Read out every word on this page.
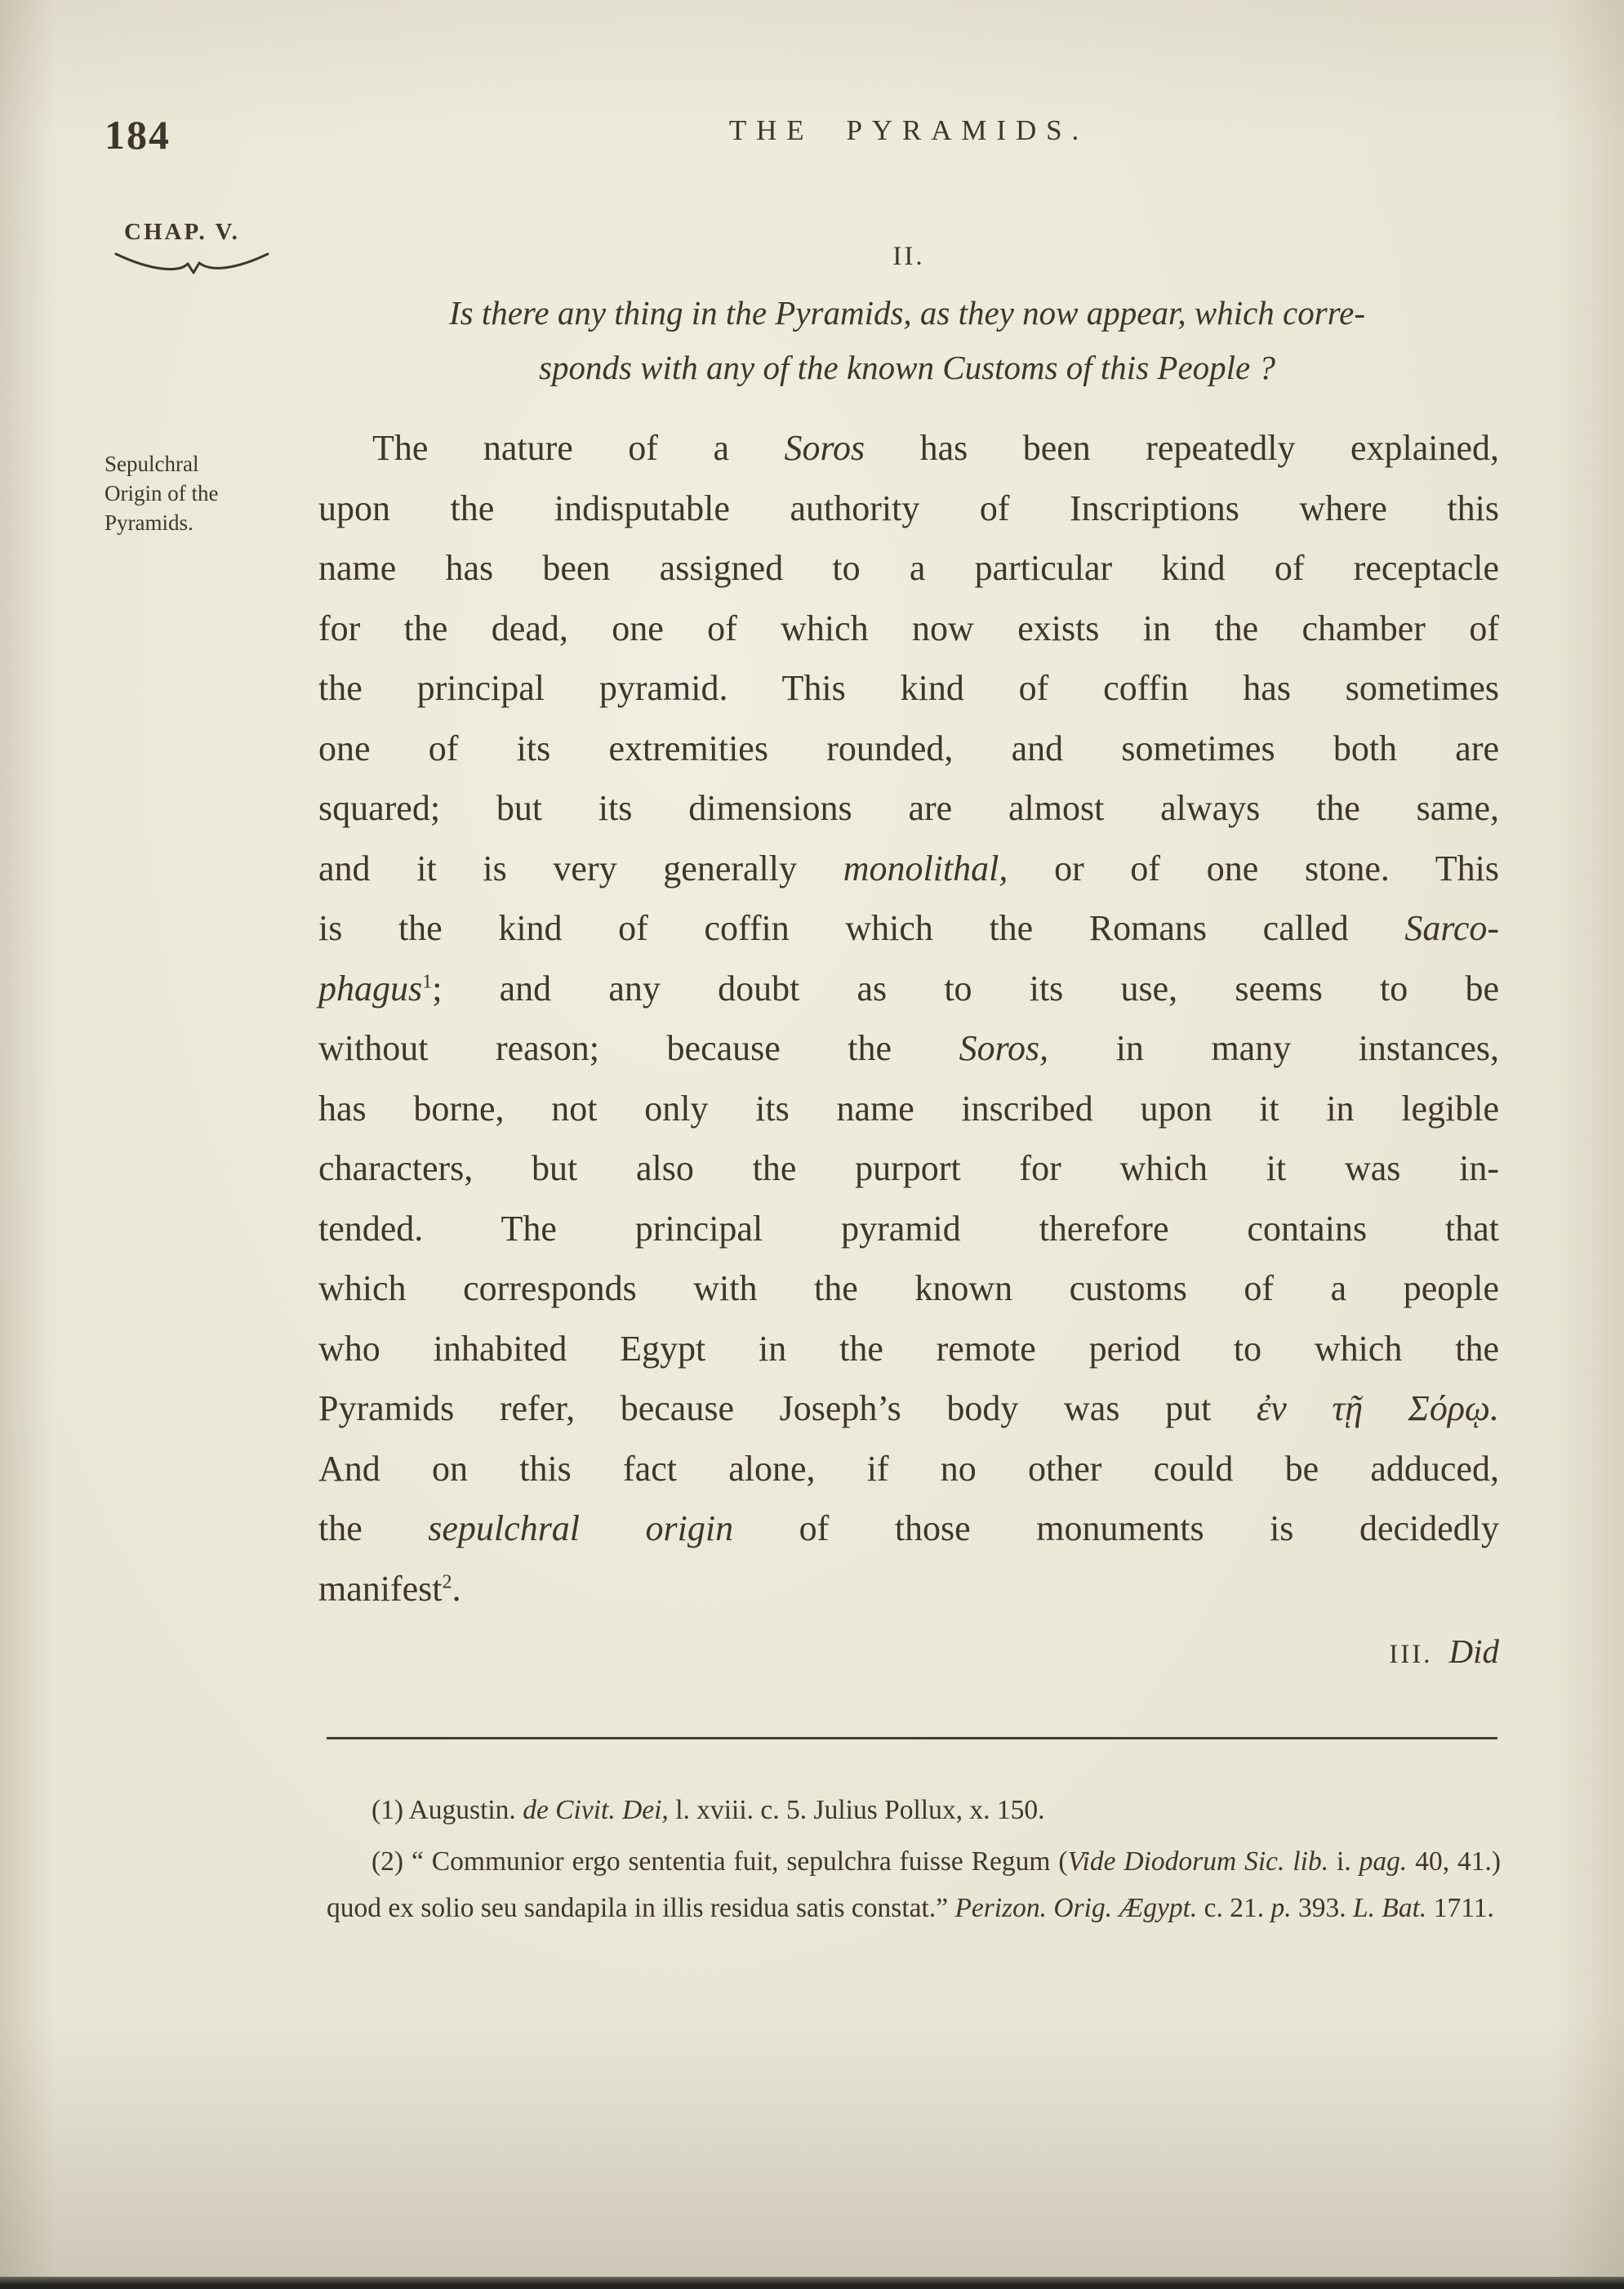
184	THE PYRAMIDS.
CHAP. V.
II.
Is there any thing in the Pyramids, as they now appear, which corre-
sponds with any of the known Customs of this People ?
Sepulchral
Origin of the
Pyramids.
The nature of a Soros has been repeatedly explained,
upon the indisputable authority of Inscriptions where this
name has been assigned to a particular kind of receptacle
for the dead, one of which now exists in the chamber of
the principal pyramid. This kind of coffin has sometimes
one of its extremities rounded, and sometimes both are
squared; but its dimensions are almost always the same,
and it is very generally monolithal, or of one stone. This
is the kind of coffin which the Romans called Sarco-
phagus$^1$; and any doubt as to its use, seems to be
without reason; because the Soros, in many instances,
has borne, not only its name inscribed upon it in legible
characters, but also the purport for which it was in-
tended. The principal pyramid therefore contains that
which corresponds with the known customs of a people
who inhabited Egypt in the remote period to which the
Pyramids refer, because Joseph’s body was put ἐν τῇ Σόρῳ.
And on this fact alone, if no other could be adduced,
the sepulchral origin of those monuments is decidedly
manifest$^2$.
III. Did
(1) Augustin. de Civit. Dei, l. xviii. c. 5. Julius Pollux, x. 150.
(2) “ Communior ergo sententia fuit, sepulchra fuisse Regum (Vide Diodorum Sic. lib. i. pag. 40, 41.) quod ex solio seu sandapila in illis residua satis constat.” Perizon. Orig. Ægypt. c. 21. p. 393. L. Bat. 1711.
